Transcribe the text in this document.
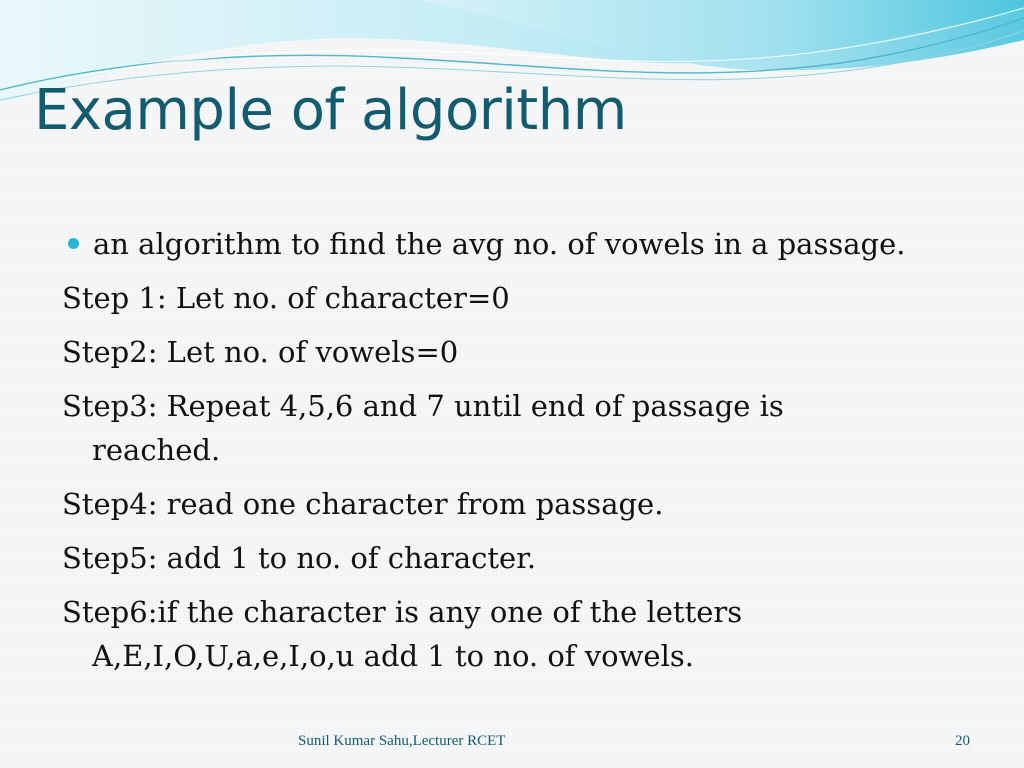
Example of algorithm

an algorithm to find the avg no. of vowels in a passage.

Step 1: Let no. of character=0

Step2: Let no. of vowels=0

Step3: Repeat 4,5,6 and 7 until end of passage is
reached.

Step4: read one character from passage.

Step5: add 1 to no. of character.

Step6:if the character is any one of the letters
A,E,I,O,U,a,e,I,o,u add 1 to no. of vowels.

Sunil Kumar Sahu,Lecturer RCET	20
